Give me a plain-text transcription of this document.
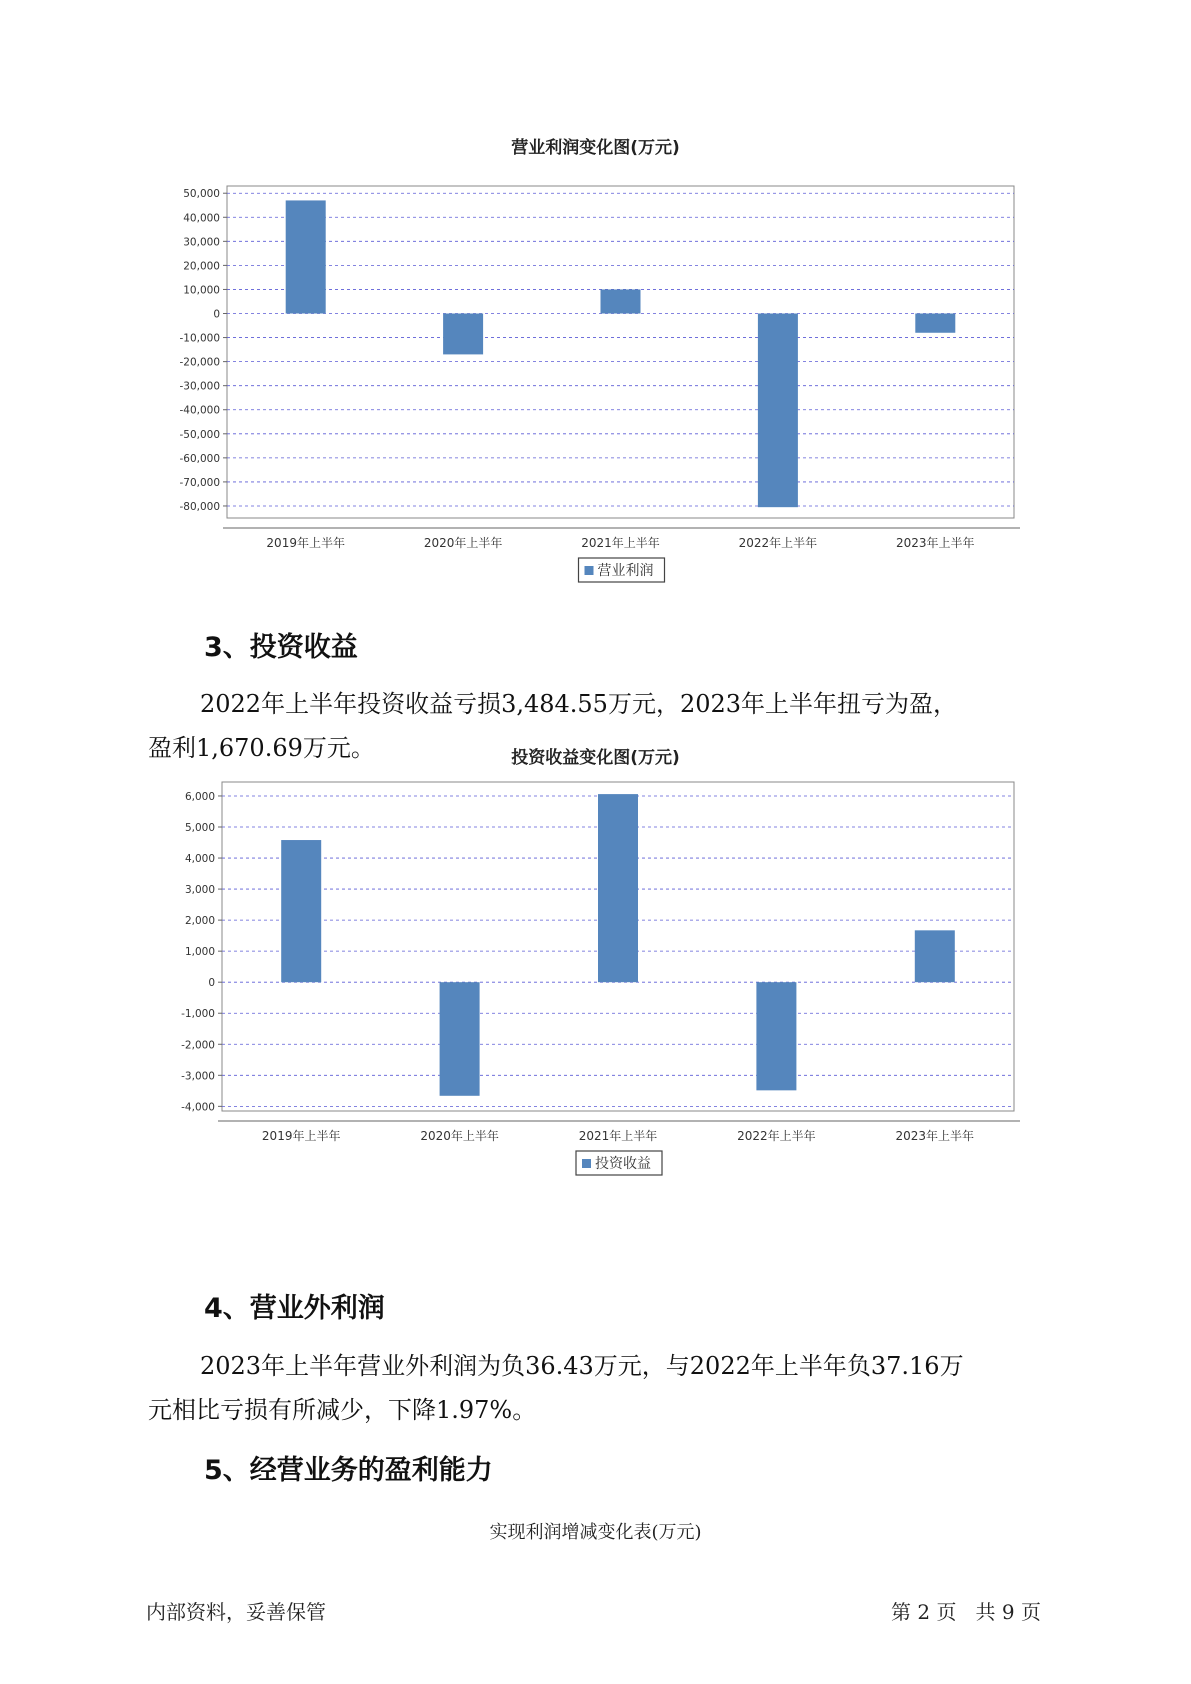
营业利润变化图(万元)
50,000
40,000
30,000
20,000
10,000
0
-10,000
-20,000
-30,000
-40,000
-50,000
-60,000
-70,000
-80,000
2019年上半年	2020年上半年	2021年上半年	2022年上半年	2023年上半年
营业利润
投资收益变化图(万元)
6,000
5,000
4,000
3,000
2,000
1,000
0
-1,000
-2,000
-3,000
-4,000
2019年上半年	2020年上半年	2021年上半年	2022年上半年	2023年上半年
投资收益
3、投资收益
2022年上半年投资收益亏损3,484.55万元，2023年上半年扭亏为盈，
盈利1,670.69万元。
4、营业外利润
2023年上半年营业外利润为负36.43万元，与2022年上半年负37.16万
元相比亏损有所减少，下降1.97%。
5、经营业务的盈利能力
实现利润增减变化表(万元)
内部资料，妥善保管	第 2 页   共 9 页
